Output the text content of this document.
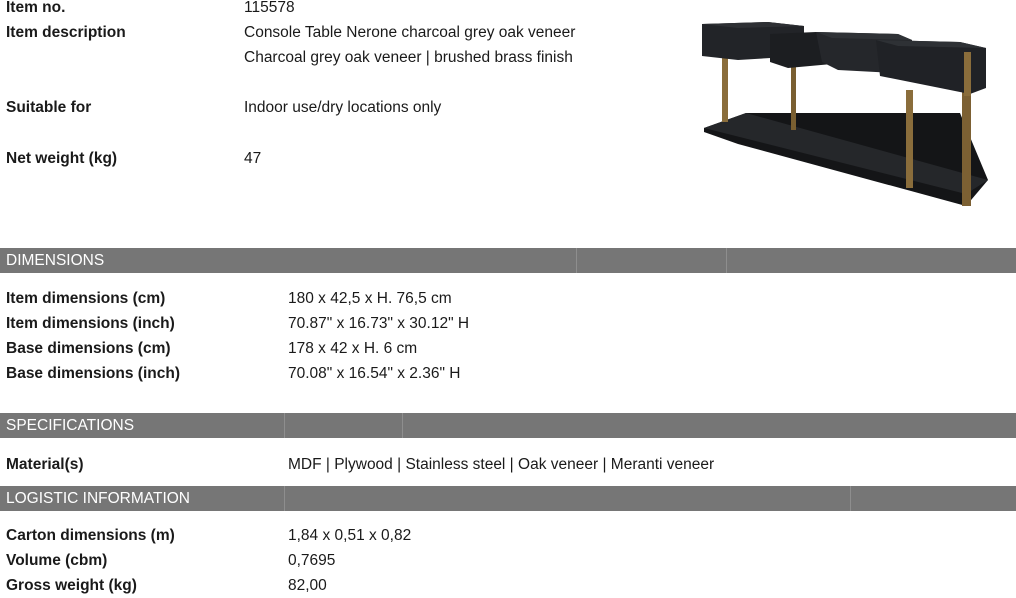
Item no.	115578
Item description	Console Table Nerone charcoal grey oak veneer
Charcoal grey oak veneer | brushed brass finish
Suitable for	Indoor use/dry locations only
Net weight (kg)	47
DIMENSIONS
Item dimensions (cm)	180 x 42,5 x H. 76,5 cm
Item dimensions (inch)	70.87" x 16.73" x 30.12" H
Base dimensions (cm)	178 x 42 x H. 6 cm
Base dimensions (inch)	70.08" x 16.54" x 2.36" H
SPECIFICATIONS
Material(s)	MDF | Plywood | Stainless steel | Oak veneer | Meranti veneer
LOGISTIC INFORMATION
Carton dimensions (m)	1,84 x 0,51 x 0,82
Volume (cbm)	0,7695
Gross weight (kg)	82,00
